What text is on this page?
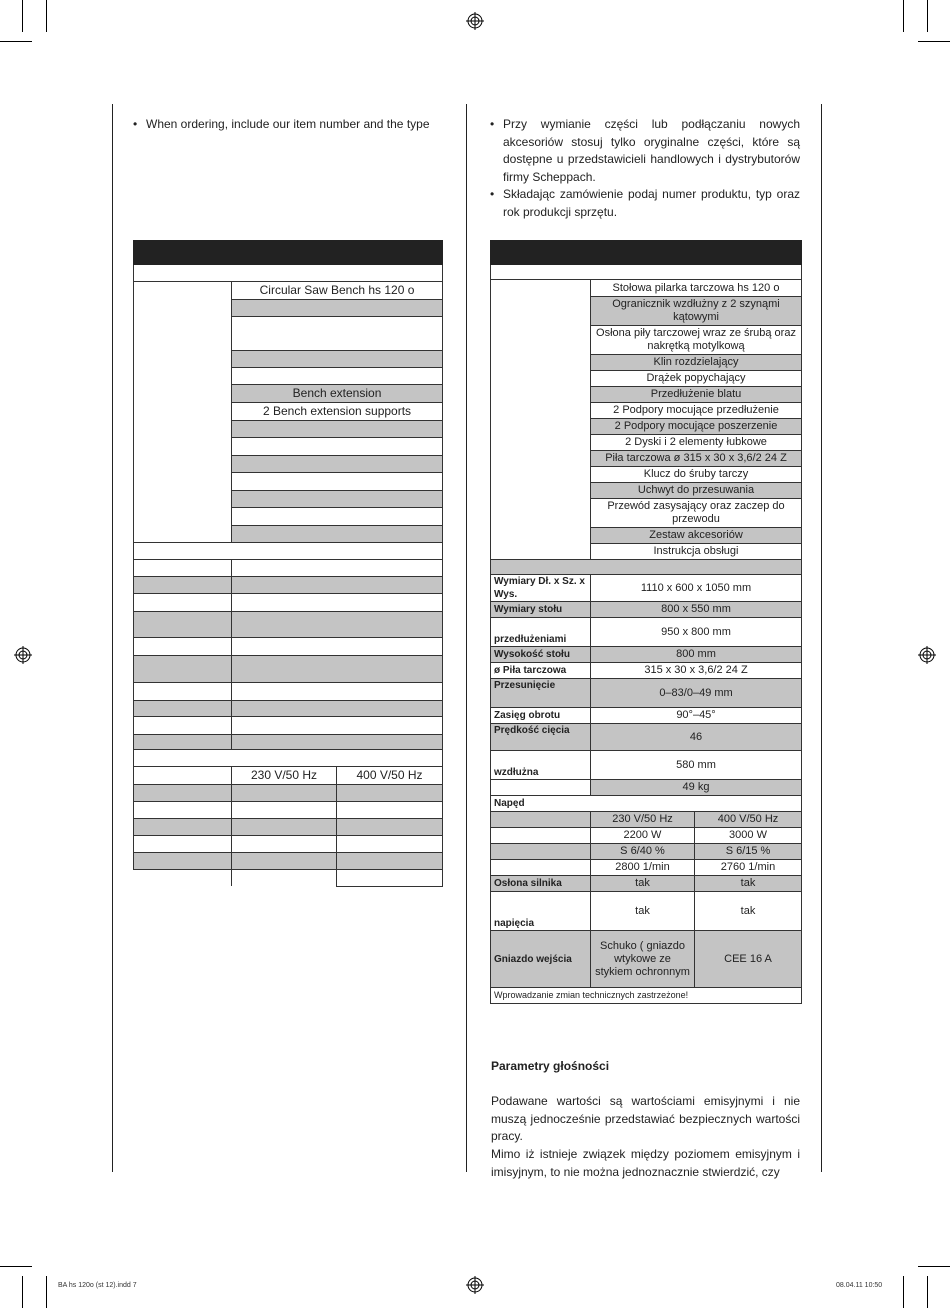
• When ordering, include our item number and the type

	Circular Saw Bench hs 120 o	

	Bench extension	
	2 Bench extension supports	

	230 V/50 Hz	400 V/50 Hz

• Przy wymianie części lub podłączaniu nowych akcesoriów stosuj tylko oryginalne części, które są dostępne u przedstawicieli handlowych i dystrybutorów firmy Scheppach.
• Składając zamówienie podaj numer produktu, typ oraz rok produkcji sprzętu.

	Stołowa pilarka tarczowa hs 120 o	
	Ogranicznik wzdłużny z 2 szynąmi kątowymi	
	Osłona piły tarczowej wraz ze śrubą oraz nakrętką motylkową	
	Klin rozdzielający	
	Drążek popychający	
	Przedłużenie blatu	
	2 Podpory mocujące przedłużenie	
	2 Podpory mocujące poszerzenie	
	2 Dyski i 2 elementy łubkowe	
	Piła tarczowa ø 315 x 30 x 3,6/2 24 Z	
	Klucz do śruby tarczy	
	Uchwyt do przesuwania	
	Przewód zasysający oraz zaczep do przewodu	
	Zestaw akcesoriów	
	Instrukcja obsługi	

Wymiary Dł. x Sz. x Wys.	1110 x 600 x 1050 mm	
Wymiary stołu	800 x 550 mm	
przedłużeniami	950 x 800 mm	
Wysokość stołu	800 mm	
ø Piła tarczowa	315 x 30 x 3,6/2 24 Z	
Przesunięcie	0–83/0–49 mm	
Zasięg obrotu	90°–45°	
Prędkość cięcia	46	
wzdłużna	580 mm	
	49 kg	
Napęd		
	230 V/50 Hz	400 V/50 Hz
	2200 W	3000 W
	S 6/40 %	S 6/15 %
	2800 1/min	2760 1/min
Osłona silnika	tak	tak
napięcia	tak	tak
Gniazdo wejścia	Schuko ( gniazdo wtykowe ze stykiem ochronnym	CEE 16 A
Wprowadzanie zmian technicznych zastrzeżone!		
Parametry głośności
Podawane wartości są wartościami emisyjnymi i nie muszą jednocześnie przedstawiać bezpiecznych wartości pracy.
Mimo iż istnieje związek między poziomem emisyjnym i imisyjnym, to nie można jednoznacznie stwierdzić, czy
BA hs 120o (st 12).indd 7	08.04.11 10:50
